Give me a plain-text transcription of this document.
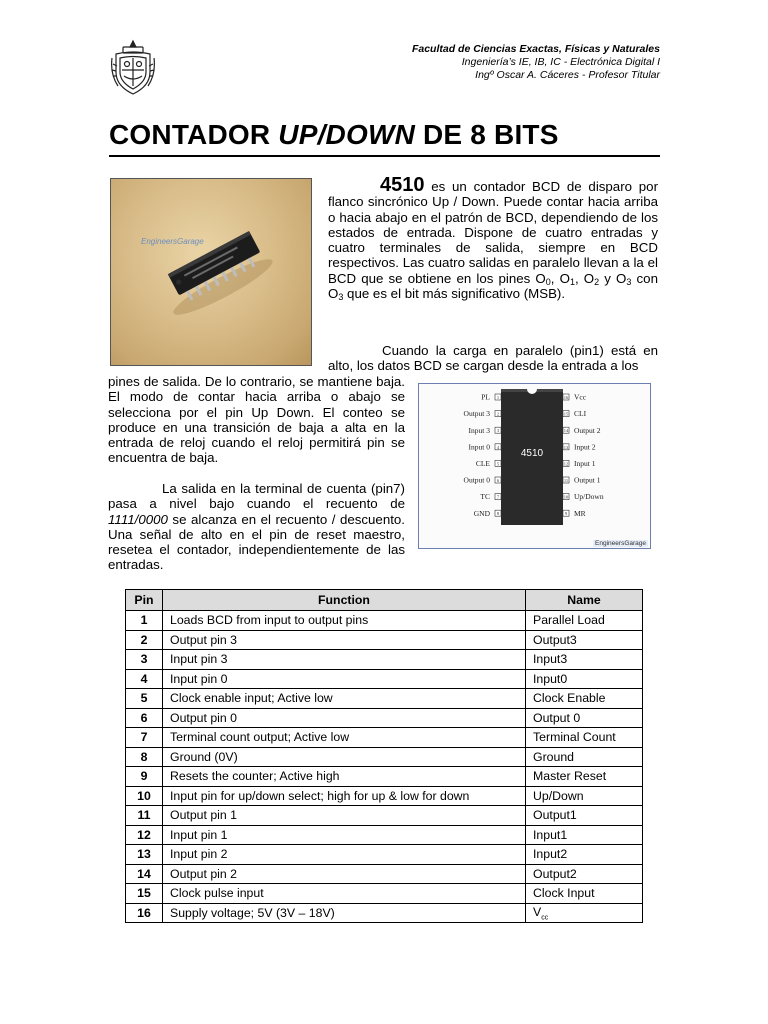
Facultad de Ciencias Exactas, Físicas y Naturales
Ingeniería’s IE, IB, IC - Electrónica Digital I
Ingº Oscar A. Cáceres - Profesor Titular
CONTADOR UP/DOWN DE 8 BITS
EngineersGarage
4510 es un contador BCD de disparo por flanco sincrónico Up / Down. Puede contar hacia arriba o hacia abajo en el patrón de BCD, dependiendo de los estados de entrada. Dispone de cuatro entradas y cuatro terminales de salida, siempre en BCD respectivos. Las cuatro salidas en paralelo llevan a la el BCD que se obtiene en los pines $O_0$, $O_1$, $O_2$ y $O_3$ con $O_3$ que es el bit más significativo (MSB).
Cuando la carga en paralelo (pin1) está en alto, los datos BCD se cargan desde la entrada a los
pines de salida. De lo contrario, se mantiene baja. El modo de contar hacia arriba o abajo se selecciona por el pin Up Down. El conteo se produce en una transición de baja a alta en la entrada de reloj cuando el reloj permitirá pin se encuentra de baja.
La salida en la terminal de cuenta (pin7) pasa a nivel bajo cuando el recuento de 1111/0000 se alcanza en el recuento / descuento. Una señal de alto en el pin de reset maestro, resetea el contador, independientemente de las entradas.
4510
1
PL
2
Output 3
3
Input 3
4
Input 0
5
CLE
6
Output 0
7
TC
8
GND
16 Vcc
15 CLI
14 Output 2
13 Input 2
12 Input 1
11 Output 1
10 Up/Down
9 MR
EngineersGarage
Pin	Function	Name
1	Loads BCD from input to output pins	Parallel Load
2	Output pin 3	Output3
3	Input pin 3	Input3
4	Input pin 0	Input0
5	Clock enable input; Active low	Clock Enable
6	Output pin 0	Output 0
7	Terminal count output; Active low	Terminal Count
8	Ground (0V)	Ground
9	Resets the counter; Active high	Master Reset
10	Input pin for up/down select; high for up & low for down	Up/Down
11	Output pin 1	Output1
12	Input pin 1	Input1
13	Input pin 2	Input2
14	Output pin 2	Output2
15	Clock pulse input	Clock Input
16	Supply voltage; 5V (3V – 18V)	$V_{cc}$
